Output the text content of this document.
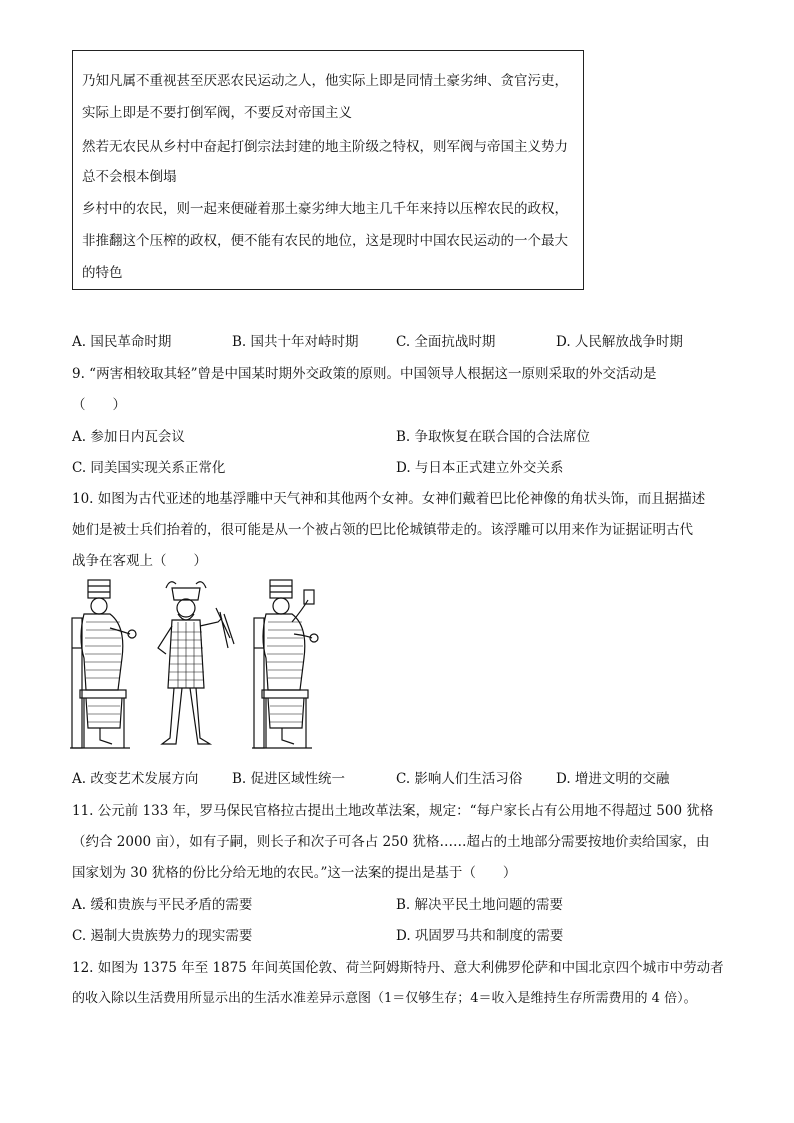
乃知凡属不重视甚至厌恶农民运动之人，他实际上即是同情土豪劣绅、贪官污吏，
实际上即是不要打倒军阀，不要反对帝国主义
然若无农民从乡村中奋起打倒宗法封建的地主阶级之特权，则军阀与帝国主义势力
总不会根本倒塌
乡村中的农民，则一起来便碰着那土豪劣绅大地主几千年来持以压榨农民的政权，
非推翻这个压榨的政权，便不能有农民的地位，这是现时中国农民运动的一个最大
的特色
A. 国民革命时期	B. 国共十年对峙时期	C. 全面抗战时期	D. 人民解放战争时期
9. “两害相较取其轻”曾是中国某时期外交政策的原则。中国领导人根据这一原则采取的外交活动是
（　　）
A. 参加日内瓦会议	B. 争取恢复在联合国的合法席位
C. 同美国实现关系正常化	D. 与日本正式建立外交关系
10. 如图为古代亚述的地基浮雕中天气神和其他两个女神。女神们戴着巴比伦神像的角状头饰，而且据描述
她们是被士兵们抬着的，很可能是从一个被占领的巴比伦城镇带走的。该浮雕可以用来作为证据证明古代
战争在客观上（　　）
A. 改变艺术发展方向 B. 促进区域性统一	C. 影响人们生活习俗 D. 增进文明的交融
11. 公元前 133 年，罗马保民官格拉古提出土地改革法案，规定：“每户家长占有公用地不得超过 500 犹格
（约合 2000 亩），如有子嗣，则长子和次子可各占 250 犹格……超占的土地部分需要按地价卖给国家，由
国家划为 30 犹格的份比分给无地的农民。”这一法案的提出是基于（　　）
A. 缓和贵族与平民矛盾的需要	B. 解决平民土地问题的需要
C. 遏制大贵族势力的现实需要	D. 巩固罗马共和制度的需要
12. 如图为 1375 年至 1875 年间英国伦敦、荷兰阿姆斯特丹、意大利佛罗伦萨和中国北京四个城市中劳动者
的收入除以生活费用所显示出的生活水准差异示意图（1＝仅够生存；4＝收入是维持生存所需费用的 4 倍）。
